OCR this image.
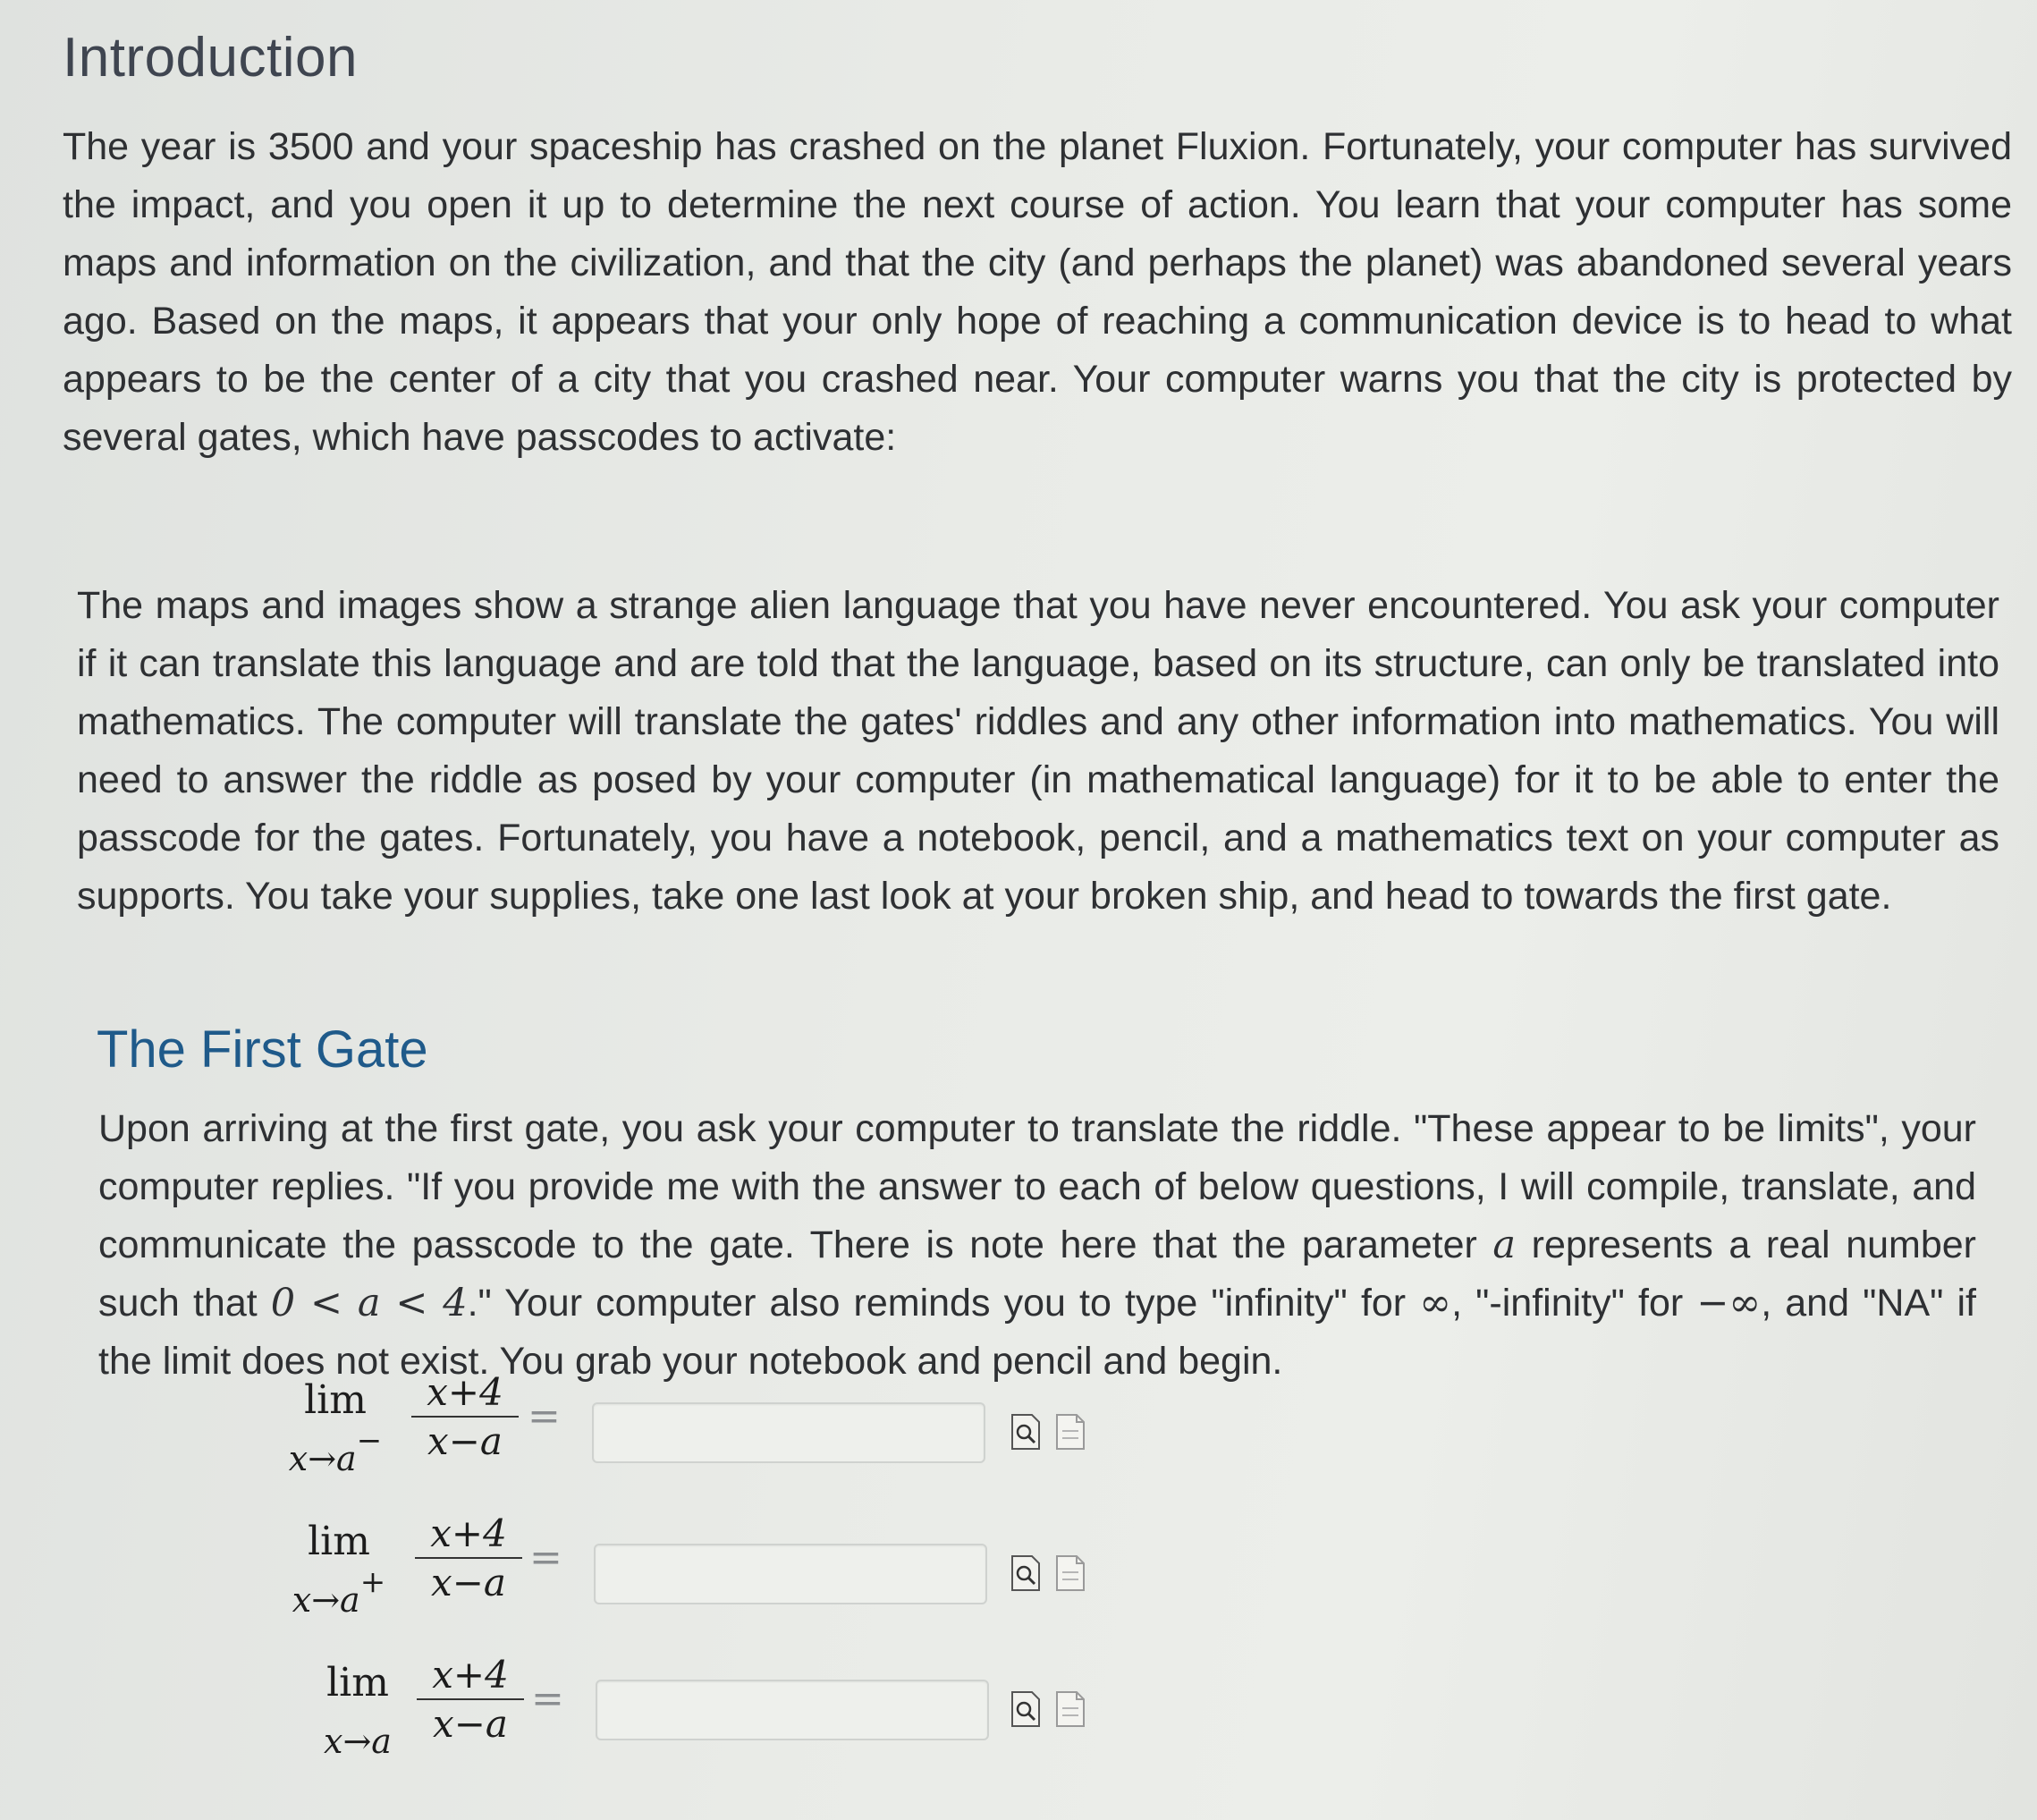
Introduction

The year is 3500 and your spaceship has crashed on the planet Fluxion. Fortunately, your computer has survived the impact, and you open it up to determine the next course of action. You learn that your computer has some maps and information on the civilization, and that the city (and perhaps the planet) was abandoned several years ago. Based on the maps, it appears that your only hope of reaching a communication device is to head to what appears to be the center of a city that you crashed near. Your computer warns you that the city is protected by several gates, which have passcodes to activate:

The maps and images show a strange alien language that you have never encountered. You ask your computer if it can translate this language and are told that the language, based on its structure, can only be translated into mathematics. The computer will translate the gates' riddles and any other information into mathematics. You will need to answer the riddle as posed by your computer (in mathematical language) for it to be able to enter the passcode for the gates. Fortunately, you have a notebook, pencil, and a mathematics text on your computer as supports. You take your supplies, take one last look at your broken ship, and head to towards the first gate.

The First Gate

Upon arriving at the first gate, you ask your computer to translate the riddle. "These appear to be limits", your computer replies. "If you provide me with the answer to each of below questions, I will compile, translate, and communicate the passcode to the gate. There is note here that the parameter a represents a real number such that 0 < a < 4." Your computer also reminds you to type "infinity" for ∞, "-infinity" for −∞, and "NA" if the limit does not exist. You grab your notebook and pencil and begin.

lim
$x\to a- \frac{x+4}{x-a}$ =
lim
$x\to a+ \frac{x+4}{x-a}$ =
lim
$x\to a \frac{x+4}{x-a}$ =
